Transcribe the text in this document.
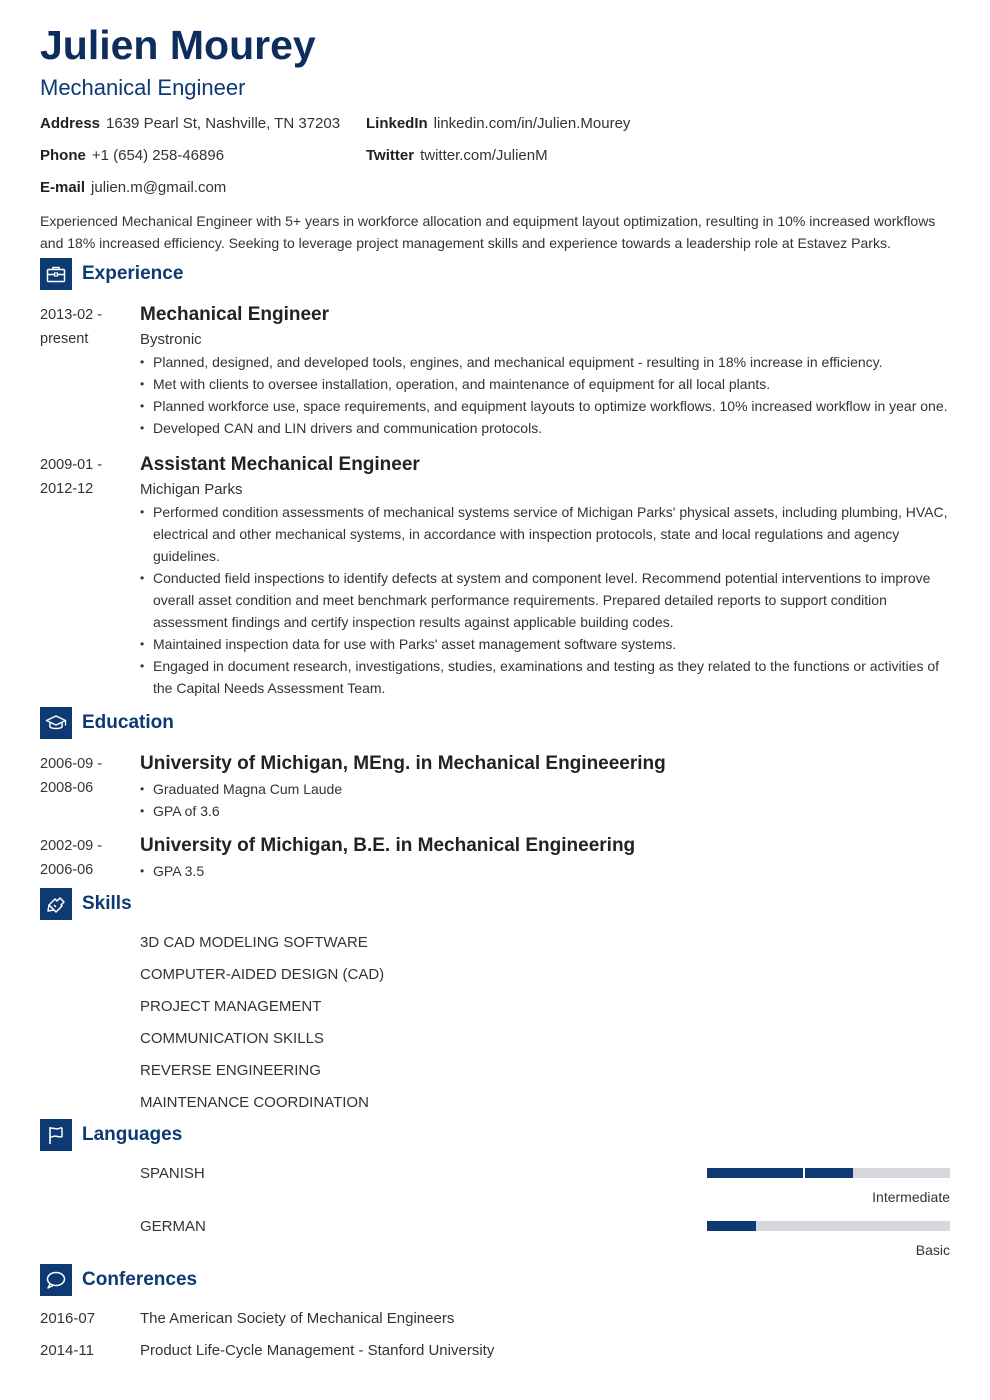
Julien Mourey
Mechanical Engineer
Address 1639 Pearl St, Nashville, TN 37203 LinkedIn linkedin.com/in/Julien.Mourey
Phone +1 (654) 258-46896	Twitter twitter.com/JulienM
E-mail julien.m@gmail.com
Experienced Mechanical Engineer with 5+ years in workforce allocation and equipment layout optimization, resulting in 10% increased workflows and 18% increased efficiency. Seeking to leverage project management skills and experience towards a leadership role at Estavez Parks.
Experience
2013-02 -
present
Mechanical Engineer
Bystronic
• Planned, designed, and developed tools, engines, and mechanical equipment - resulting in 18% increase in efficiency.
• Met with clients to oversee installation, operation, and maintenance of equipment for all local plants.
• Planned workforce use, space requirements, and equipment layouts to optimize workflows. 10% increased workflow in year one.
• Developed CAN and LIN drivers and communication protocols.
2009-01 -
2012-12
Assistant Mechanical Engineer
Michigan Parks
• Performed condition assessments of mechanical systems service of Michigan Parks' physical assets, including plumbing, HVAC, electrical and other mechanical systems, in accordance with inspection protocols, state and local regulations and agency guidelines.
• Conducted field inspections to identify defects at system and component level. Recommend potential interventions to improve overall asset condition and meet benchmark performance requirements. Prepared detailed reports to support condition assessment findings and certify inspection results against applicable building codes.
• Maintained inspection data for use with Parks' asset management software systems.
• Engaged in document research, investigations, studies, examinations and testing as they related to the functions or activities of the Capital Needs Assessment Team.
Education
2006-09 -
2008-06
University of Michigan, MEng. in Mechanical Engineeering
• Graduated Magna Cum Laude
• GPA of 3.6
2002-09 -
2006-06
University of Michigan, B.E. in Mechanical Engineering
• GPA 3.5
Skills
3D CAD MODELING SOFTWARE
COMPUTER-AIDED DESIGN (CAD)
PROJECT MANAGEMENT
COMMUNICATION SKILLS
REVERSE ENGINEERING
MAINTENANCE COORDINATION
Languages
SPANISH
Intermediate
GERMAN
Basic
Conferences
2016-07	The American Society of Mechanical Engineers
2014-11	Product Life-Cycle Management - Stanford University
